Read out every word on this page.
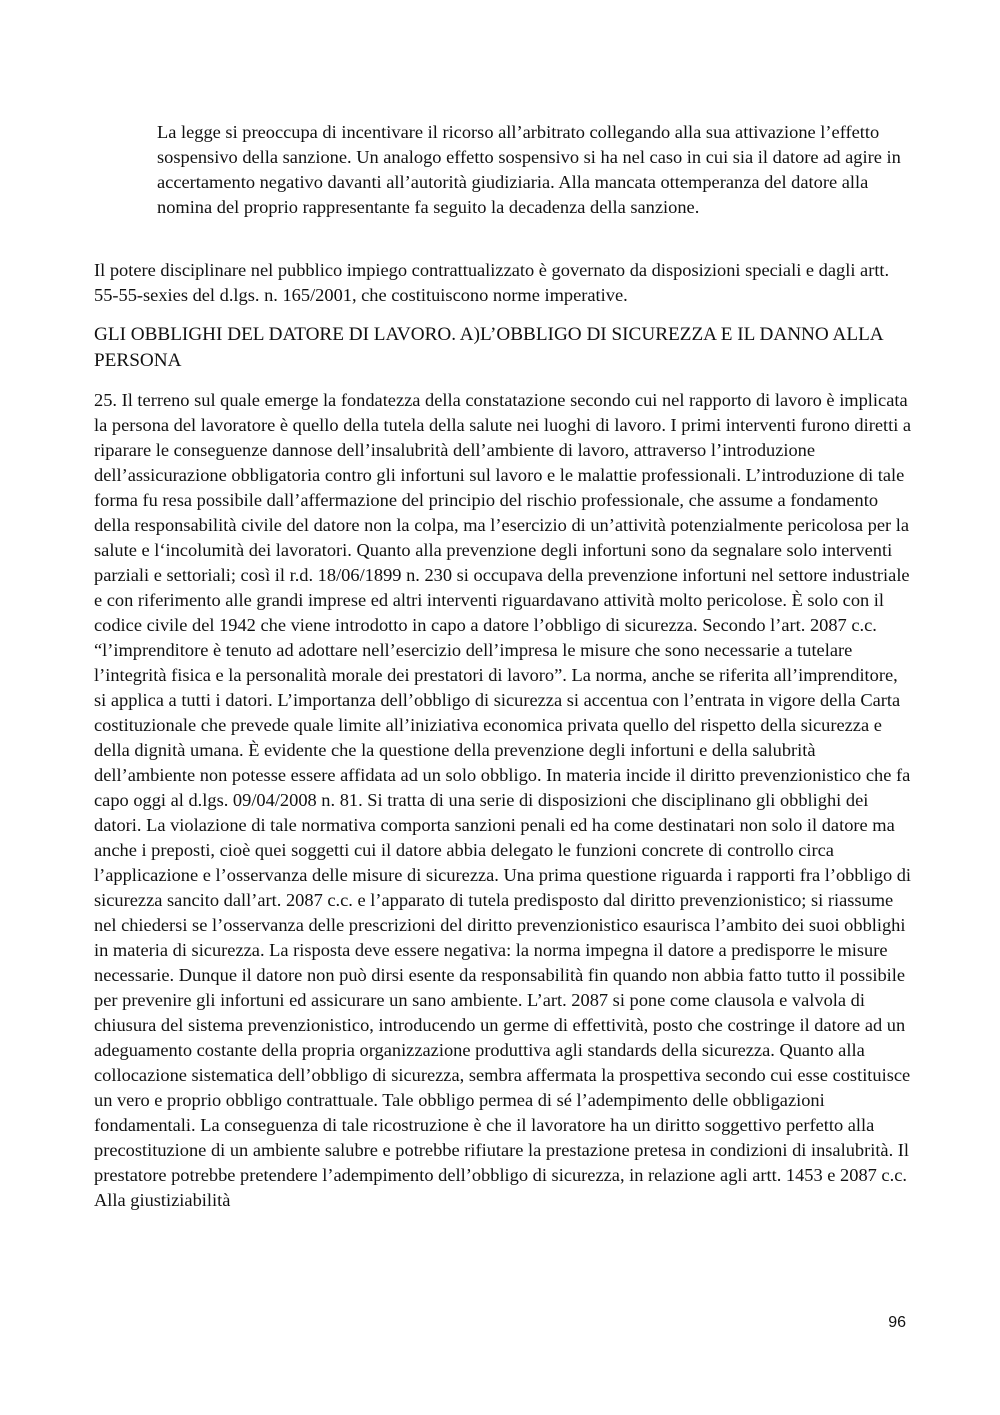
La legge si preoccupa di incentivare il ricorso all’arbitrato collegando alla sua attivazione l’effetto sospensivo della sanzione. Un analogo effetto sospensivo si ha nel caso in cui sia il datore ad agire in accertamento negativo davanti all’autorità giudiziaria. Alla mancata ottemperanza del datore alla nomina del proprio rappresentante fa seguito la decadenza della sanzione.

Il potere disciplinare nel pubblico impiego contrattualizzato è governato da disposizioni speciali e dagli artt. 55-55-sexies del d.lgs. n. 165/2001, che costituiscono norme imperative.

GLI OBBLIGHI DEL DATORE DI LAVORO. A)L’OBBLIGO DI SICUREZZA E IL DANNO ALLA PERSONA

25. Il terreno sul quale emerge la fondatezza della constatazione secondo cui nel rapporto di lavoro è implicata la persona del lavoratore è quello della tutela della salute nei luoghi di lavoro. I primi interventi furono diretti a riparare le conseguenze dannose dell’insalubrità dell’ambiente di lavoro, attraverso l’introduzione dell’assicurazione obbligatoria contro gli infortuni sul lavoro e le malattie professionali. L’introduzione di tale forma fu resa possibile dall’affermazione del principio del rischio professionale, che assume a fondamento della responsabilità civile del datore non la colpa, ma l’esercizio di un’attività potenzialmente pericolosa per la salute e l‘incolumità dei lavoratori. Quanto alla prevenzione degli infortuni sono da segnalare solo interventi parziali e settoriali; così il r.d. 18/06/1899 n. 230 si occupava della prevenzione infortuni nel settore industriale e con riferimento alle grandi imprese ed altri interventi riguardavano attività molto pericolose. È solo con il codice civile del 1942 che viene introdotto in capo a datore l’obbligo di sicurezza. Secondo l’art. 2087 c.c. “l’imprenditore è tenuto ad adottare nell’esercizio dell’impresa le misure che sono necessarie a tutelare l’integrità fisica e la personalità morale dei prestatori di lavoro”. La norma, anche se riferita all’imprenditore, si applica a tutti i datori. L’importanza dell’obbligo di sicurezza si accentua con l’entrata in vigore della Carta costituzionale che prevede quale limite all’iniziativa economica privata quello del rispetto della sicurezza e della dignità umana. È evidente che la questione della prevenzione degli infortuni e della salubrità dell’ambiente non potesse essere affidata ad un solo obbligo. In materia incide il diritto prevenzionistico che fa capo oggi al d.lgs. 09/04/2008 n. 81. Si tratta di una serie di disposizioni che disciplinano gli obblighi dei datori. La violazione di tale normativa comporta sanzioni penali ed ha come destinatari non solo il datore ma anche i preposti, cioè quei soggetti cui il datore abbia delegato le funzioni concrete di controllo circa l’applicazione e l’osservanza delle misure di sicurezza. Una prima questione riguarda i rapporti fra l’obbligo di sicurezza sancito dall’art. 2087 c.c. e l’apparato di tutela predisposto dal diritto prevenzionistico; si riassume nel chiedersi se l’osservanza delle prescrizioni del diritto prevenzionistico esaurisca l’ambito dei suoi obblighi in materia di sicurezza. La risposta deve essere negativa: la norma impegna il datore a predisporre le misure necessarie. Dunque il datore non può dirsi esente da responsabilità fin quando non abbia fatto tutto il possibile per prevenire gli infortuni ed assicurare un sano ambiente. L’art. 2087 si pone come clausola e valvola di chiusura del sistema prevenzionistico, introducendo un germe di effettività, posto che costringe il datore ad un adeguamento costante della propria organizzazione produttiva agli standards della sicurezza. Quanto alla collocazione sistematica dell’obbligo di sicurezza, sembra affermata la prospettiva secondo cui esse costituisce un vero e proprio obbligo contrattuale. Tale obbligo permea di sé l’adempimento delle obbligazioni fondamentali. La conseguenza di tale ricostruzione è che il lavoratore ha un diritto soggettivo perfetto alla precostituzione di un ambiente salubre e potrebbe rifiutare la prestazione pretesa in condizioni di insalubrità. Il prestatore potrebbe pretendere l’adempimento dell’obbligo di sicurezza, in relazione agli artt. 1453 e 2087 c.c. Alla giustiziabilità

96
